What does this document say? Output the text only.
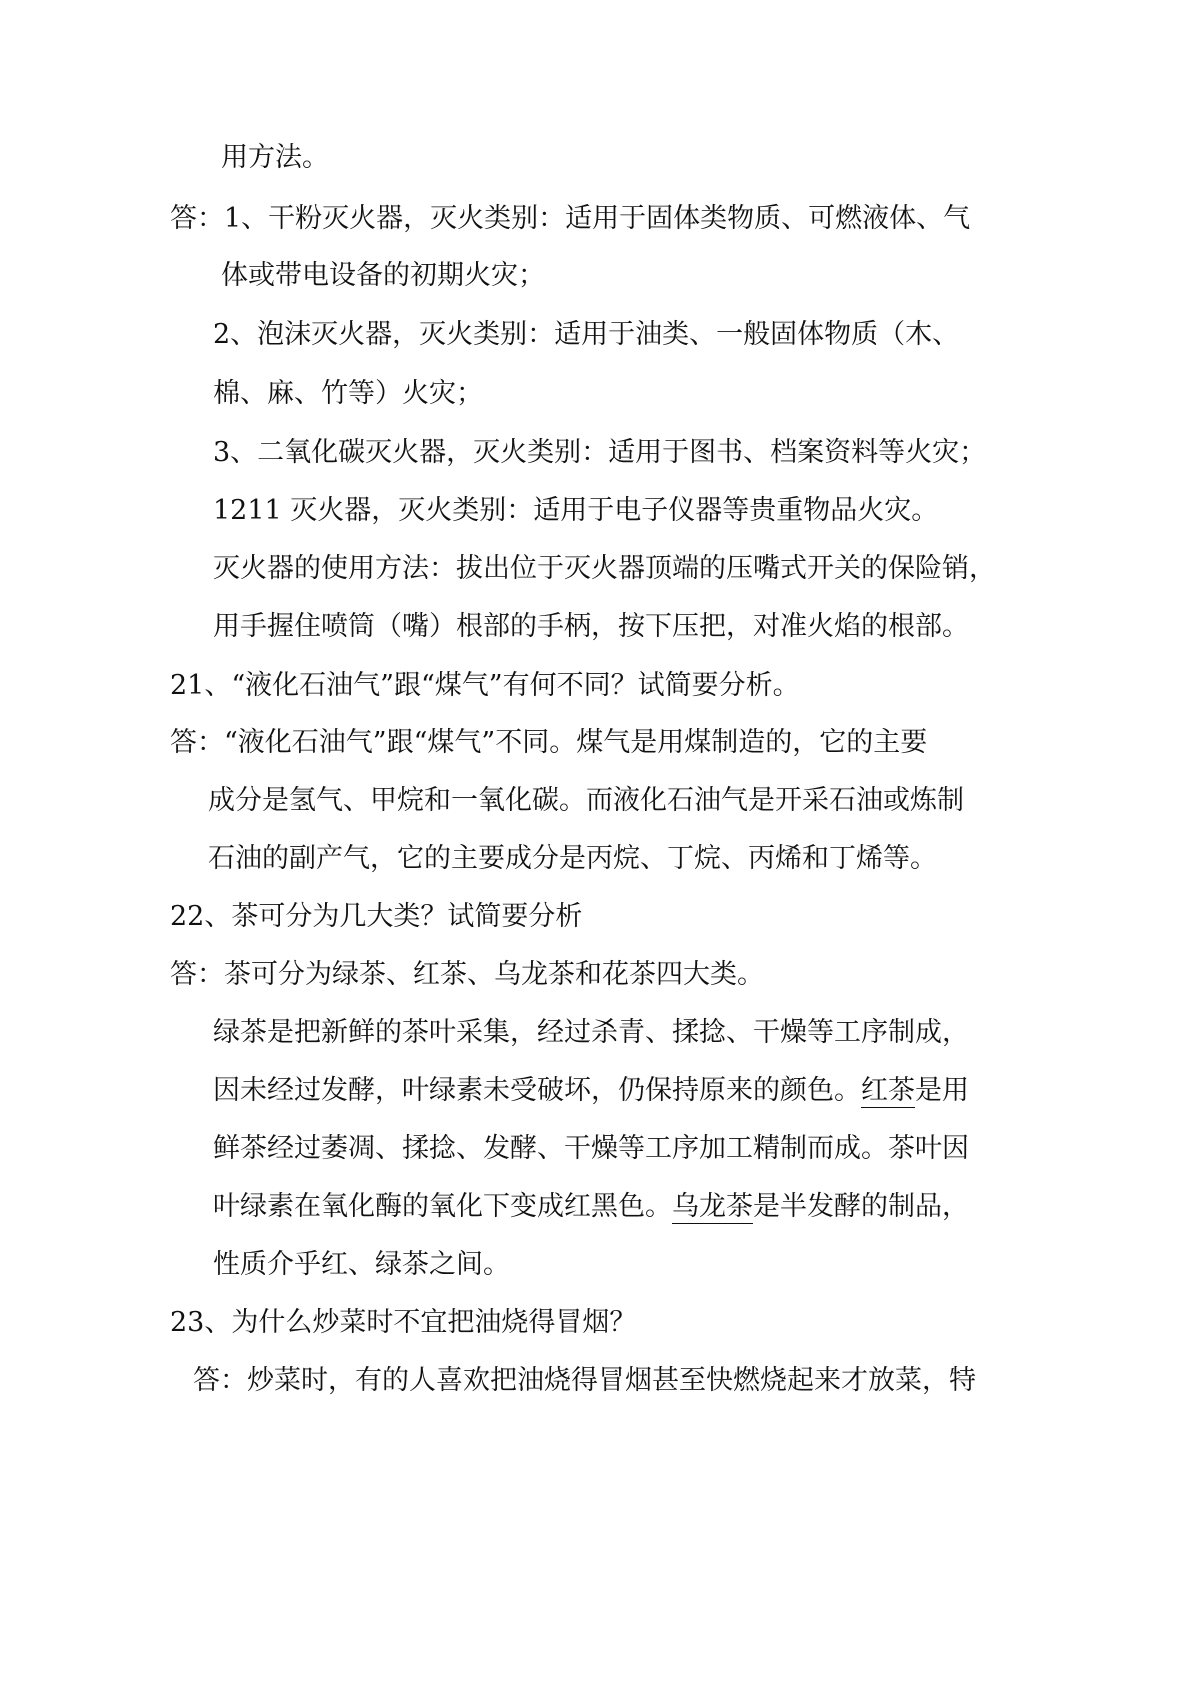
用方法。
答：1、干粉灭火器，灭火类别：适用于固体类物质、可燃液体、气
体或带电设备的初期火灾；
2、泡沫灭火器，灭火类别：适用于油类、一般固体物质（木、
棉、麻、竹等）火灾；
3、二氧化碳灭火器，灭火类别：适用于图书、档案资料等火灾；
1211 灭火器，灭火类别：适用于电子仪器等贵重物品火灾。
灭火器的使用方法：拔出位于灭火器顶端的压嘴式开关的保险销，
用手握住喷筒（嘴）根部的手柄，按下压把，对准火焰的根部。
21、“液化石油气”跟“煤气”有何不同？试简要分析。
答：“液化石油气”跟“煤气”不同。煤气是用煤制造的，它的主要
成分是氢气、甲烷和一氧化碳。而液化石油气是开采石油或炼制
石油的副产气，它的主要成分是丙烷、丁烷、丙烯和丁烯等。
22、茶可分为几大类？试简要分析
答：茶可分为绿茶、红茶、乌龙茶和花茶四大类。
绿茶是把新鲜的茶叶采集，经过杀青、揉捻、干燥等工序制成，
因未经过发酵，叶绿素未受破坏，仍保持原来的颜色。红茶是用
鲜茶经过萎凋、揉捻、发酵、干燥等工序加工精制而成。茶叶因
叶绿素在氧化酶的氧化下变成红黑色。乌龙茶是半发酵的制品，
性质介乎红、绿茶之间。
23、为什么炒菜时不宜把油烧得冒烟？
答：炒菜时，有的人喜欢把油烧得冒烟甚至快燃烧起来才放菜，特
